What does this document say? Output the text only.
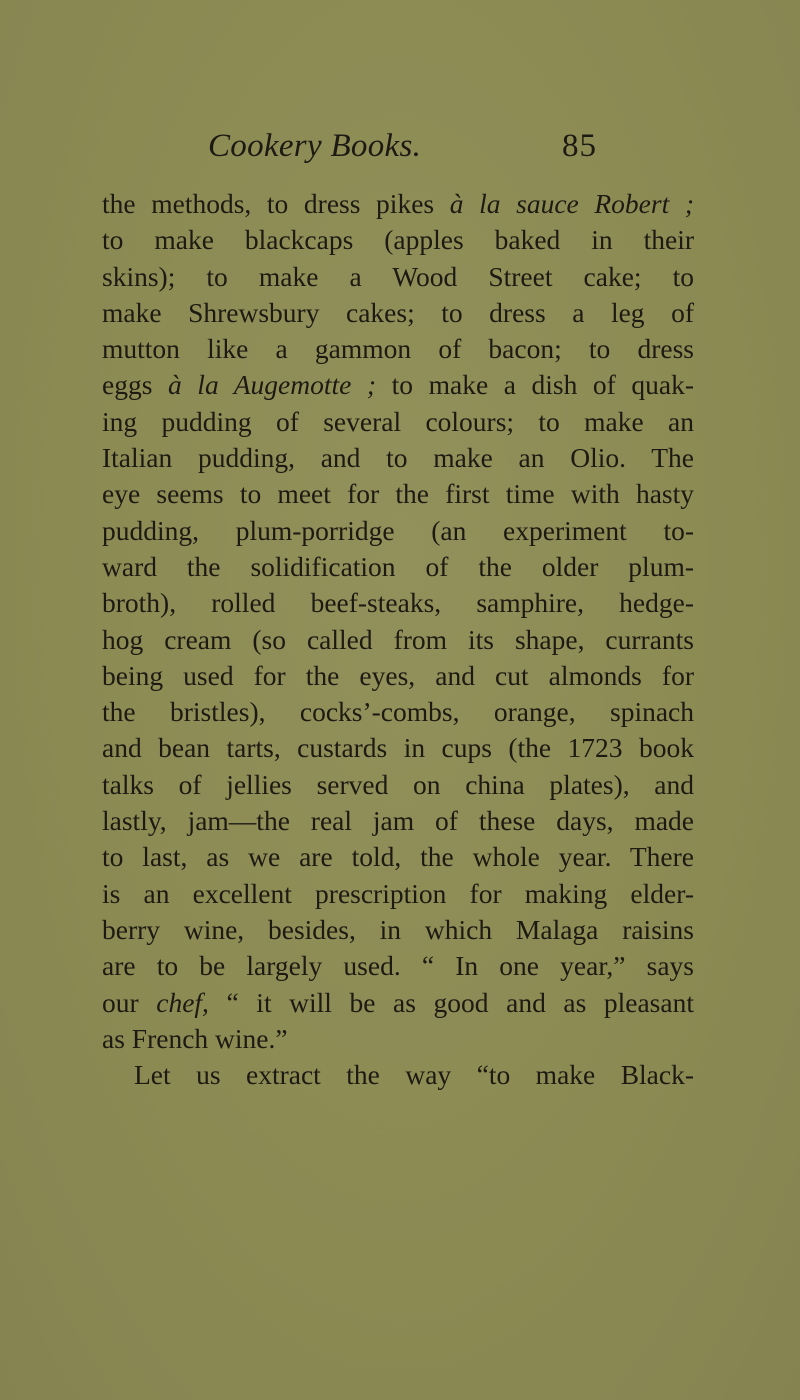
Cookery Books.	85
the methods, to dress pikes à la sauce Robert ;
to make blackcaps (apples baked in their
skins); to make a Wood Street cake; to
make Shrewsbury cakes; to dress a leg of
mutton like a gammon of bacon; to dress
eggs à la Augemotte ; to make a dish of quak-
ing pudding of several colours; to make an
Italian pudding, and to make an Olio. The
eye seems to meet for the first time with hasty
pudding, plum-porridge (an experiment to-
ward the solidification of the older plum-
broth), rolled beef-steaks, samphire, hedge-
hog cream (so called from its shape, currants
being used for the eyes, and cut almonds for
the bristles), cocks’-combs, orange, spinach
and bean tarts, custards in cups (the 1723 book
talks of jellies served on china plates), and
lastly, jam—the real jam of these days, made
to last, as we are told, the whole year. There
is an excellent prescription for making elder-
berry wine, besides, in which Malaga raisins
are to be largely used. “ In one year,” says
our chef, “ it will be as good and as pleasant
as French wine.”
Let us extract the way “to make Black-
